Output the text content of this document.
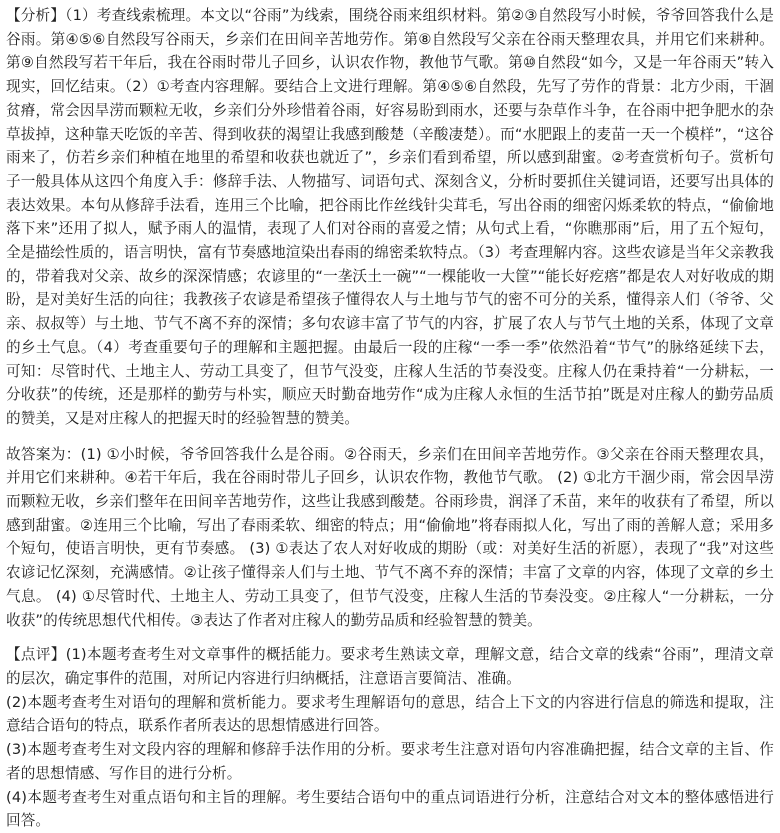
【分析】（1）考查线索梳理。本文以“谷雨”为线索，围绕谷雨来组织材料。第②③自然段写小时候，爷爷回答我什么是谷雨。第④⑤⑥自然段写谷雨天，乡亲们在田间辛苦地劳作。第⑧自然段写父亲在谷雨天整理农具，并用它们来耕种。第⑨自然段写若干年后，我在谷雨时带儿子回乡，认识农作物，教他节气歌。第⑩自然段“如今，又是一年谷雨天”转入现实，回忆结束。（2）①考查内容理解。要结合上文进行理解。第④⑤⑥自然段，先写了劳作的背景：北方少雨，干涸贫瘠，常会因旱涝而颗粒无收，乡亲们分外珍惜着谷雨，好容易盼到雨水，还要与杂草作斗争，在谷雨中把争肥水的杂草拔掉，这种靠天吃饭的辛苦、得到收获的渴望让我感到酸楚（辛酸凄楚）。而“水肥跟上的麦苗一天一个模样”，“这谷雨来了，仿若乡亲们种植在地里的希望和收获也就近了”，乡亲们看到希望，所以感到甜蜜。②考查赏析句子。赏析句子一般具体从这四个角度入手：修辞手法、人物描写、词语句式、深刻含义，分析时要抓住关键词语，还要写出具体的表达效果。本句从修辞手法看，连用三个比喻，把谷雨比作丝线针尖茸毛，写出谷雨的细密闪烁柔软的特点，“偷偷地落下来”还用了拟人，赋予雨人的温情，表现了人们对谷雨的喜爱之情；从句式上看，“你瞧那雨”后，用了五个短句，全是描绘性质的，语言明快，富有节奏感地渲染出春雨的绵密柔软特点。（3）考查理解内容。这些农谚是当年父亲教我的，带着我对父亲、故乡的深深情感；农谚里的“一垄沃土一碗”“一棵能收一大筐”“能长好疙瘩”都是农人对好收成的期盼，是对美好生活的向往；我教孩子农谚是希望孩子懂得农人与土地与节气的密不可分的关系，懂得亲人们（爷爷、父亲、叔叔等）与土地、节气不离不弃的深情；多句农谚丰富了节气的内容，扩展了农人与节气土地的关系，体现了文章的乡土气息。（4）考查重要句子的理解和主题把握。由最后一段的庄稼“一季一季”依然沿着“节气”的脉络延续下去，可知：尽管时代、土地主人、劳动工具变了，但节气没变，庄稼人生活的节奏没变。庄稼人仍在秉持着“一分耕耘，一分收获”的传统，还是那样的勤劳与朴实，顺应天时勤奋地劳作“成为庄稼人永恒的生活节拍”既是对庄稼人的勤劳品质的赞美，又是对庄稼人的把握天时的经验智慧的赞美。

故答案为：(1) ①小时候，爷爷回答我什么是谷雨。②谷雨天，乡亲们在田间辛苦地劳作。③父亲在谷雨天整理农具，并用它们来耕种。④若干年后，我在谷雨时带儿子回乡，认识农作物，教他节气歌。 (2) ①北方干涸少雨，常会因旱涝而颗粒无收，乡亲们整年在田间辛苦地劳作，这些让我感到酸楚。谷雨珍贵，润泽了禾苗，来年的收获有了希望，所以感到甜蜜。②连用三个比喻，写出了春雨柔软、细密的特点；用“偷偷地”将春雨拟人化，写出了雨的善解人意；采用多个短句，使语言明快，更有节奏感。 (3) ①表达了农人对好收成的期盼（或：对美好生活的祈愿），表现了“我”对这些农谚记忆深刻，充满感情。②让孩子懂得亲人们与土地、节气不离不弃的深情；丰富了文章的内容，体现了文章的乡土气息。 (4) ①尽管时代、土地主人、劳动工具变了，但节气没变，庄稼人生活的节奏没变。②庄稼人“一分耕耘，一分收获”的传统思想代代相传。③表达了作者对庄稼人的勤劳品质和经验智慧的赞美。

【点评】(1)本题考查考生对文章事件的概括能力。要求考生熟读文章，理解文意，结合文章的线索“谷雨”，理清文章的层次，确定事件的范围，对所记内容进行归纳概括，注意语言要简洁、准确。

(2)本题考查考生对语句的理解和赏析能力。要求考生理解语句的意思，结合上下文的内容进行信息的筛选和提取，注意结合语句的特点，联系作者所表达的思想情感进行回答。

(3)本题考查考生对文段内容的理解和修辞手法作用的分析。要求考生注意对语句内容准确把握，结合文章的主旨、作者的思想情感、写作目的进行分析。

(4)本题考查考生对重点语句和主旨的理解。考生要结合语句中的重点词语进行分析，注意结合对文本的整体感悟进行回答。
